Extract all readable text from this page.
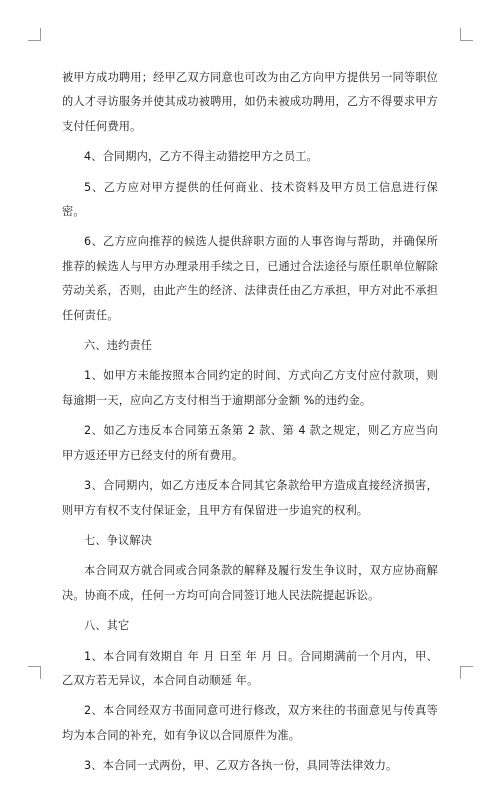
被甲方成功聘用；经甲乙双方同意也可改为由乙方向甲方提供另一同等职位的人才寻访服务并使其成功被聘用，如仍未被成功聘用，乙方不得要求甲方支付任何费用。

4、合同期内，乙方不得主动猎挖甲方之员工。

5、乙方应对甲方提供的任何商业、技术资料及甲方员工信息进行保密。

6、乙方应向推荐的候选人提供辞职方面的人事咨询与帮助，并确保所推荐的候选人与甲方办理录用手续之日，已通过合法途径与原任职单位解除劳动关系，否则，由此产生的经济、法律责任由乙方承担，甲方对此不承担任何责任。

六、违约责任

1、如甲方未能按照本合同约定的时间、方式向乙方支付应付款项，则每逾期一天，应向乙方支付相当于逾期部分金额 %的违约金。

2、如乙方违反本合同第五条第 2 款、第 4 款之规定，则乙方应当向甲方返还甲方已经支付的所有费用。

3、合同期内，如乙方违反本合同其它条款给甲方造成直接经济损害，则甲方有权不支付保证金，且甲方有保留进一步追究的权利。

七、争议解决

本合同双方就合同或合同条款的解释及履行发生争议时，双方应协商解决。协商不成，任何一方均可向合同签订地人民法院提起诉讼。

八、其它

1、本合同有效期自 年 月 日至 年 月 日。合同期满前一个月内，甲、乙双方若无异议，本合同自动顺延 年。

2、本合同经双方书面同意可进行修改，双方来往的书面意见与传真等均为本合同的补充，如有争议以合同原件为准。

3、本合同一式两份，甲、乙双方各执一份，具同等法律效力。
